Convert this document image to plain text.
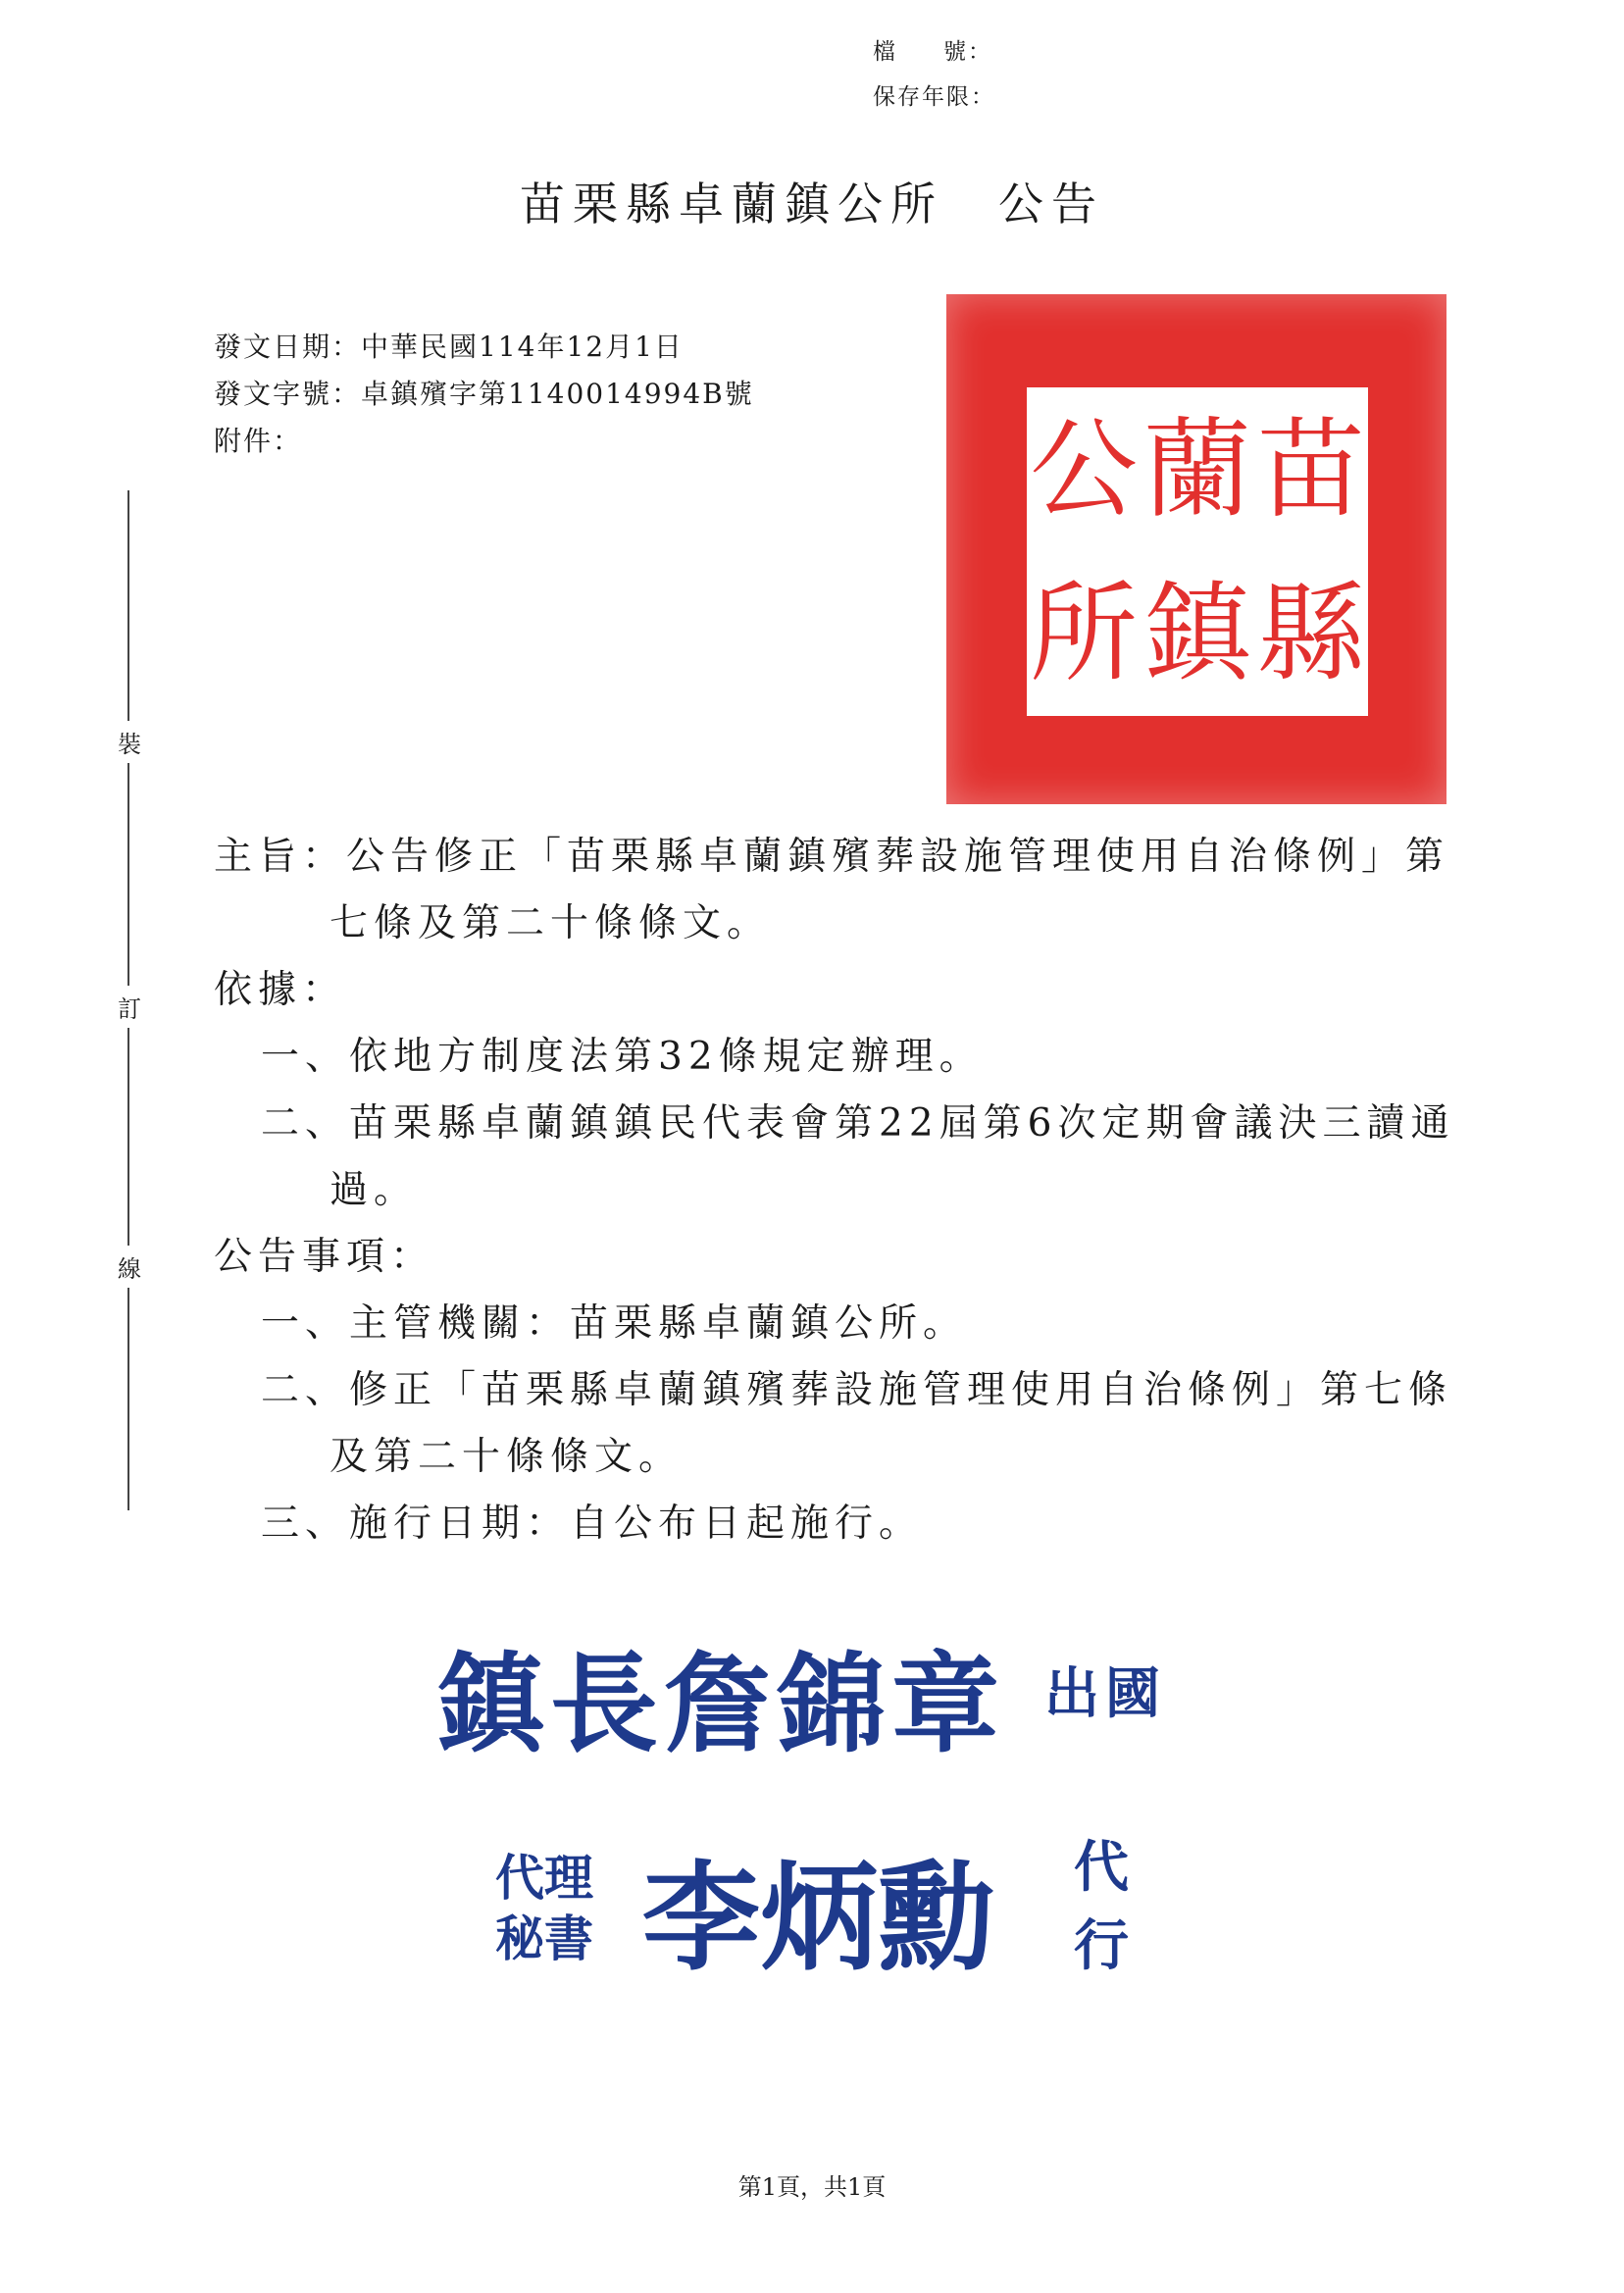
檔 號：
保存年限：
苗栗縣卓蘭鎮公所 公告
發文日期：中華民國114年12月1日
發文字號：卓鎮殯字第1140014994B號
附件：
裝
訂
線
苗
蘭
公
縣
鎮
所
主旨：公告修正「苗栗縣卓蘭鎮殯葬設施管理使用自治條例」第
七條及第二十條條文。
依據：
一、依地方制度法第32條規定辦理。
二、苗栗縣卓蘭鎮鎮民代表會第22屆第6次定期會議決三讀通
過。
公告事項：
一、主管機關：苗栗縣卓蘭鎮公所。
二、修正「苗栗縣卓蘭鎮殯葬設施管理使用自治條例」第七條
及第二十條條文。
三、施行日期：自公布日起施行。
鎮長詹錦章 $^{出國}$
代理
秘書 李炳勳 代行
第1頁，共1頁
